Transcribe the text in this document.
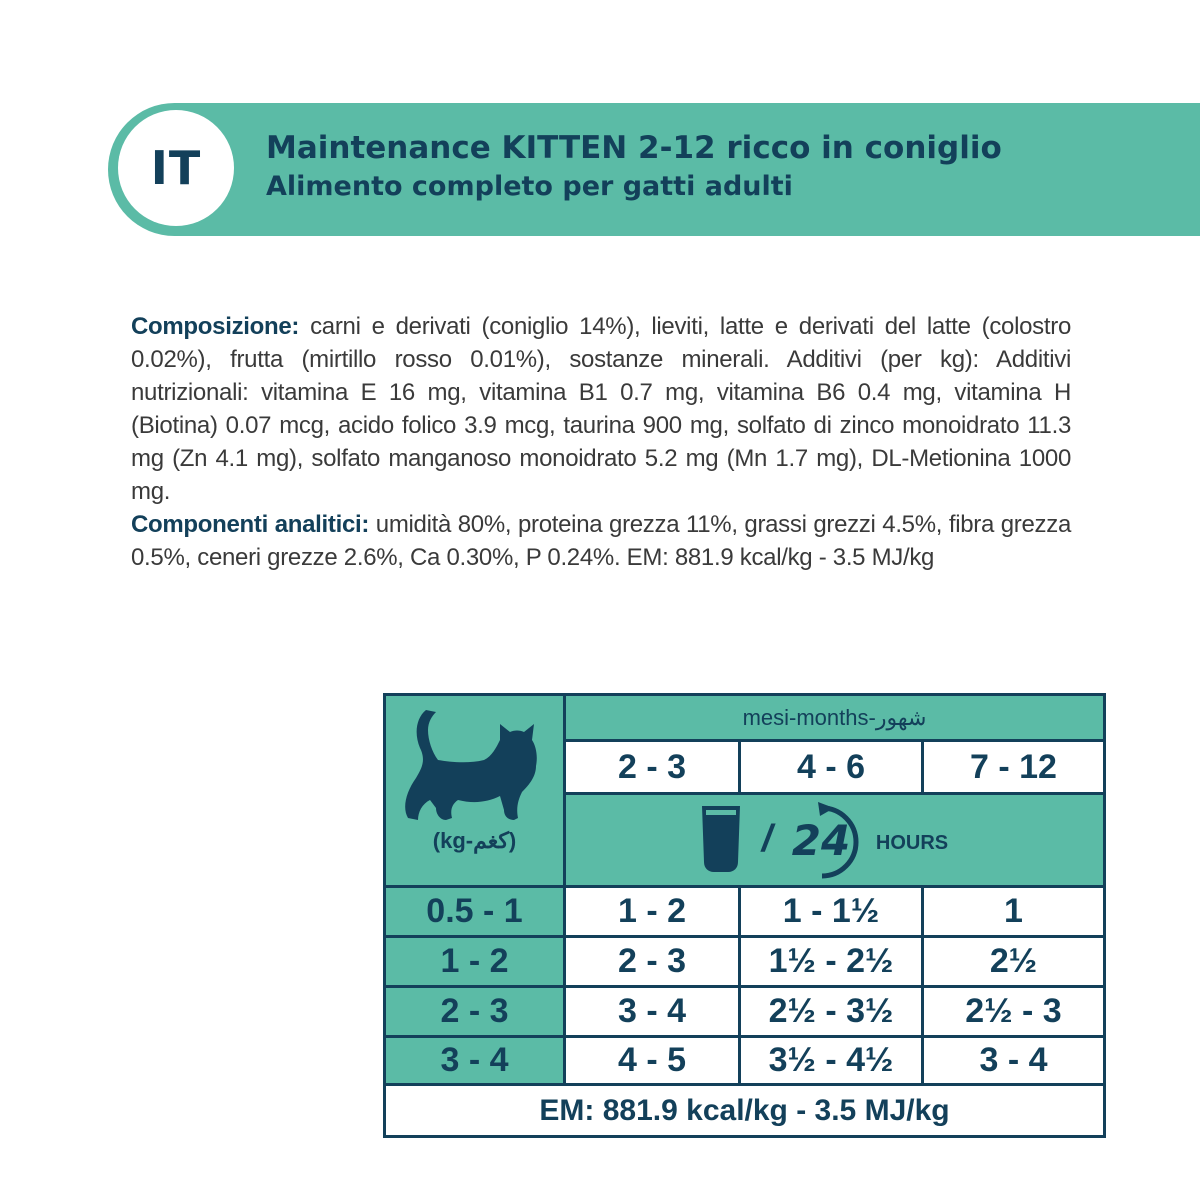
IT Maintenance KITTEN 2-12 ricco in coniglio
Alimento completo per gatti adulti

Composizione: carni e derivati (coniglio 14%), lieviti, latte e derivati del latte (colostro 0.02%), frutta (mirtillo rosso 0.01%), sostanze minerali. Additivi (per kg): Additivi nutrizionali: vitamina E 16 mg, vitamina B1 0.7 mg, vitamina B6 0.4 mg, vitamina H (Biotina) 0.07 mcg, acido folico 3.9 mcg, taurina 900 mg, solfato di zinco monoidrato 11.3 mg (Zn 4.1 mg), solfato manganoso monoidrato 5.2 mg (Mn 1.7 mg), DL-Metionina 1000 mg.

Componenti analitici: umidità 80%, proteina grezza 11%, grassi grezzi 4.5%, fibra grezza 0.5%, ceneri grezze 2.6%, Ca 0.30%, P 0.24%. EM: 881.9 kcal/kg - 3.5 MJ/kg

(kg-كغم)
mesi-months-شهور
2 - 3	4 - 6	7 - 12
/ 24 HOURS
0.5 - 1	1 - 2	1 - 1½	1
1 - 2	2 - 3	1½ - 2½	2½
2 - 3	3 - 4	2½ - 3½	2½ - 3
3 - 4	4 - 5	3½ - 4½	3 - 4
EM: 881.9 kcal/kg - 3.5 MJ/kg
